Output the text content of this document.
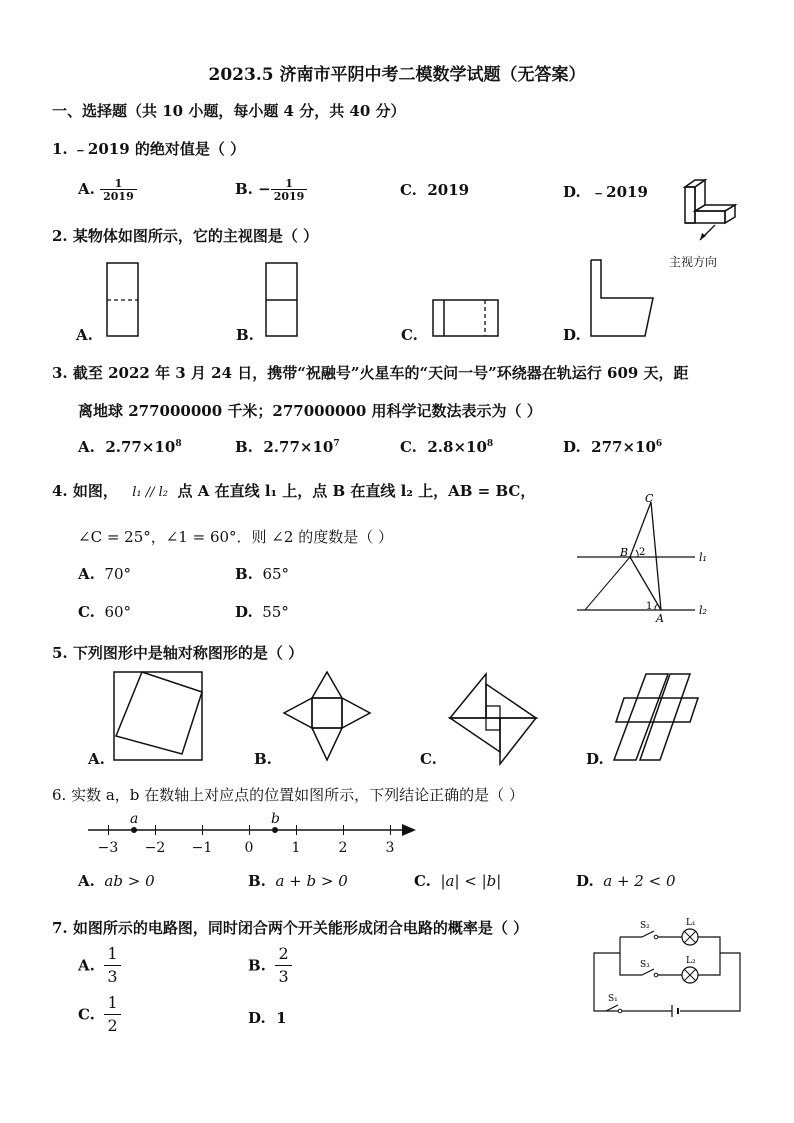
2023.5 济南市平阴中考二模数学试题（无答案）
一、选择题（共 10 小题，每小题 4 分，共 40 分）
1. ﹣2019 的绝对值是（ ）
A. $\frac{1}{2019}$	B. − $\frac{1}{2019}$	C. 2019	D. ﹣2019
2. 某物体如图所示，它的主视图是（ ）
主视方向
A.	B.	C.	D.
3. 截至 2022 年 3 月 24 日，携带“祝融号”火星车的“天问一号”环绕器在轨运行 609 天，距
离地球 277000000 千米；277000000 用科学记数法表示为（ ）
A. $2.77\times 10^8$	B. $2.77\times 10^7$	C. $2.8\times 10^8$	D. $277\times 10^6$
4. 如图， l₁ // l₂ 点 A 在直线 l₁ 上，点 B 在直线 l₂ 上，AB = BC，
∠C = 25°，∠1 = 60°．则 ∠2 的度数是（ ）
A. 70°	B. 65°
C. 60°	D. 55°
C
B 2
1
A
l₁
l₂
5. 下列图形中是轴对称图形的是（ ）
A.	B.	C.	D.
6. 实数 a，b 在数轴上对应点的位置如图所示，下列结论正确的是（ ）
−3 −2 −1	0	1	2	3
a	b
A. ab > 0	B. a + b > 0	C. |a| < |b|	D. a + 2 < 0
7. 如图所示的电路图，同时闭合两个开关能形成闭合电路的概率是（ ）
A. $\frac{1}{3}$	B. $\frac{2}{3}$
C. $\frac{1}{2}$	D. 1
S₂	L₁
S₃	L₂
S₁
